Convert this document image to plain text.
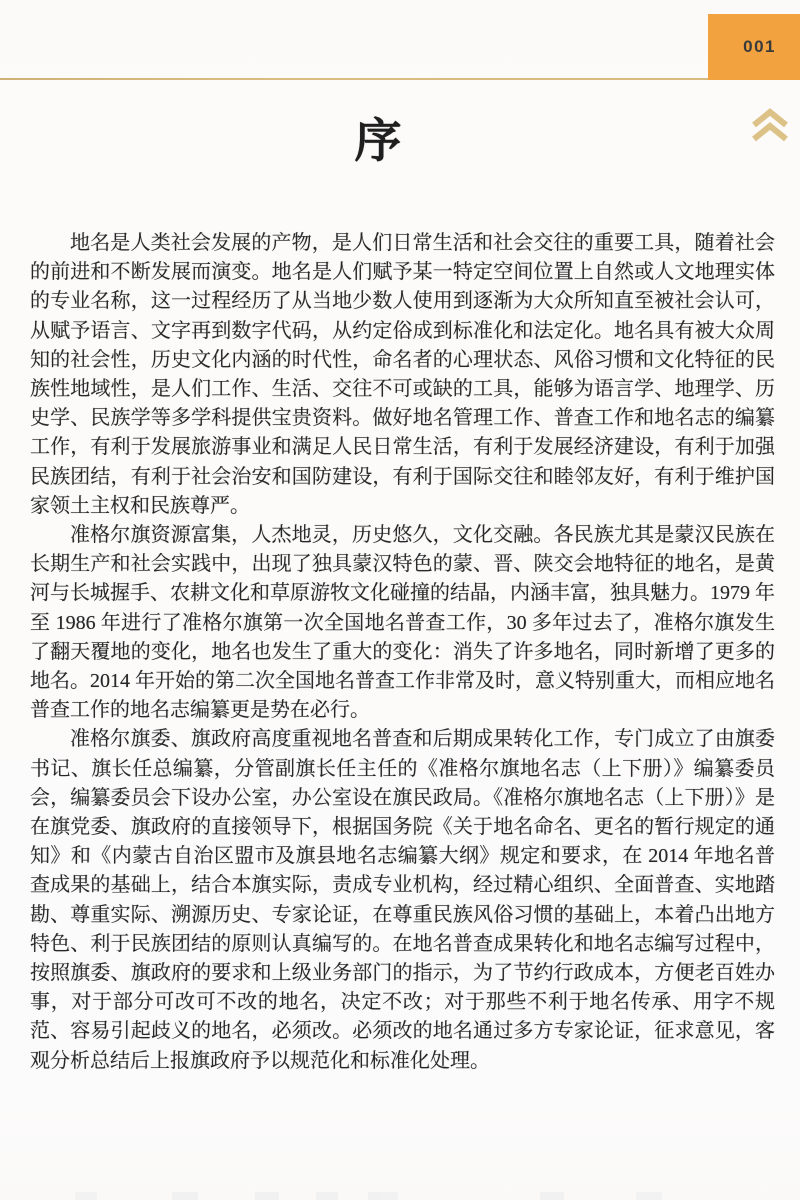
001
序

地名是人类社会发展的产物，是人们日常生活和社会交往的重要工具，随着社会的前进和不断发展而演变。地名是人们赋予某一特定空间位置上自然或人文地理实体的专业名称，这一过程经历了从当地少数人使用到逐渐为大众所知直至被社会认可，从赋予语言、文字再到数字代码，从约定俗成到标准化和法定化。地名具有被大众周知的社会性，历史文化内涵的时代性，命名者的心理状态、风俗习惯和文化特征的民族性地域性，是人们工作、生活、交往不可或缺的工具，能够为语言学、地理学、历史学、民族学等多学科提供宝贵资料。做好地名管理工作、普查工作和地名志的编纂工作，有利于发展旅游事业和满足人民日常生活，有利于发展经济建设，有利于加强民族团结，有利于社会治安和国防建设，有利于国际交往和睦邻友好，有利于维护国家领土主权和民族尊严。

准格尔旗资源富集，人杰地灵，历史悠久，文化交融。各民族尤其是蒙汉民族在长期生产和社会实践中，出现了独具蒙汉特色的蒙、晋、陕交会地特征的地名，是黄河与长城握手、农耕文化和草原游牧文化碰撞的结晶，内涵丰富，独具魅力。1979 年至 1986 年进行了准格尔旗第一次全国地名普查工作，30 多年过去了，准格尔旗发生了翻天覆地的变化，地名也发生了重大的变化：消失了许多地名，同时新增了更多的地名。2014 年开始的第二次全国地名普查工作非常及时，意义特别重大，而相应地名普查工作的地名志编纂更是势在必行。

准格尔旗委、旗政府高度重视地名普查和后期成果转化工作，专门成立了由旗委书记、旗长任总编纂，分管副旗长任主任的《准格尔旗地名志（上下册）》编纂委员会，编纂委员会下设办公室，办公室设在旗民政局。《准格尔旗地名志（上下册）》是在旗党委、旗政府的直接领导下，根据国务院《关于地名命名、更名的暂行规定的通知》和《内蒙古自治区盟市及旗县地名志编纂大纲》规定和要求，在 2014 年地名普查成果的基础上，结合本旗实际，责成专业机构，经过精心组织、全面普查、实地踏勘、尊重实际、溯源历史、专家论证，在尊重民族风俗习惯的基础上，本着凸出地方特色、利于民族团结的原则认真编写的。在地名普查成果转化和地名志编写过程中，按照旗委、旗政府的要求和上级业务部门的指示，为了节约行政成本，方便老百姓办事，对于部分可改可不改的地名，决定不改；对于那些不利于地名传承、用字不规范、容易引起歧义的地名，必须改。必须改的地名通过多方专家论证，征求意见，客观分析总结后上报旗政府予以规范化和标准化处理。
